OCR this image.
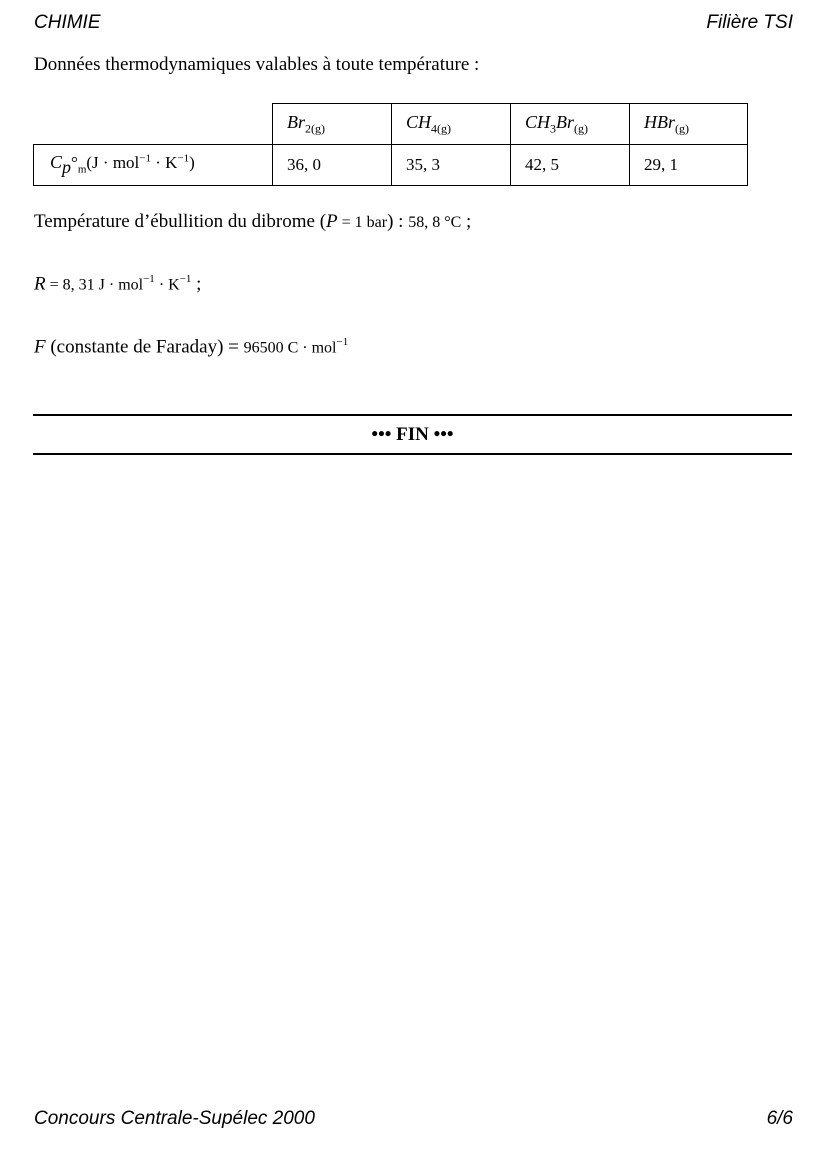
CHIMIE	Filière TSI
Données thermodynamiques valables à toute température :
	$Br_{2(g)}$	$CH_{4(g)}$	$CH_3Br_{(g)}$	HBr$_{(g)}$
$C_p^\circ_m(J \cdot mol^{-1} \cdot K^{-1})$	36, 0	35, 3	42, 5	29, 1
Température d’ébullition du dibrome (P = 1 bar) : 58, 8 °C ;
R = 8, 31 $J \cdot mol^{-1} \cdot K^{-1}$ ;
F (constante de Faraday) = 96500 C · mol$^{-1}$
••• FIN •••
Concours Centrale-Supélec 2000	6/6
